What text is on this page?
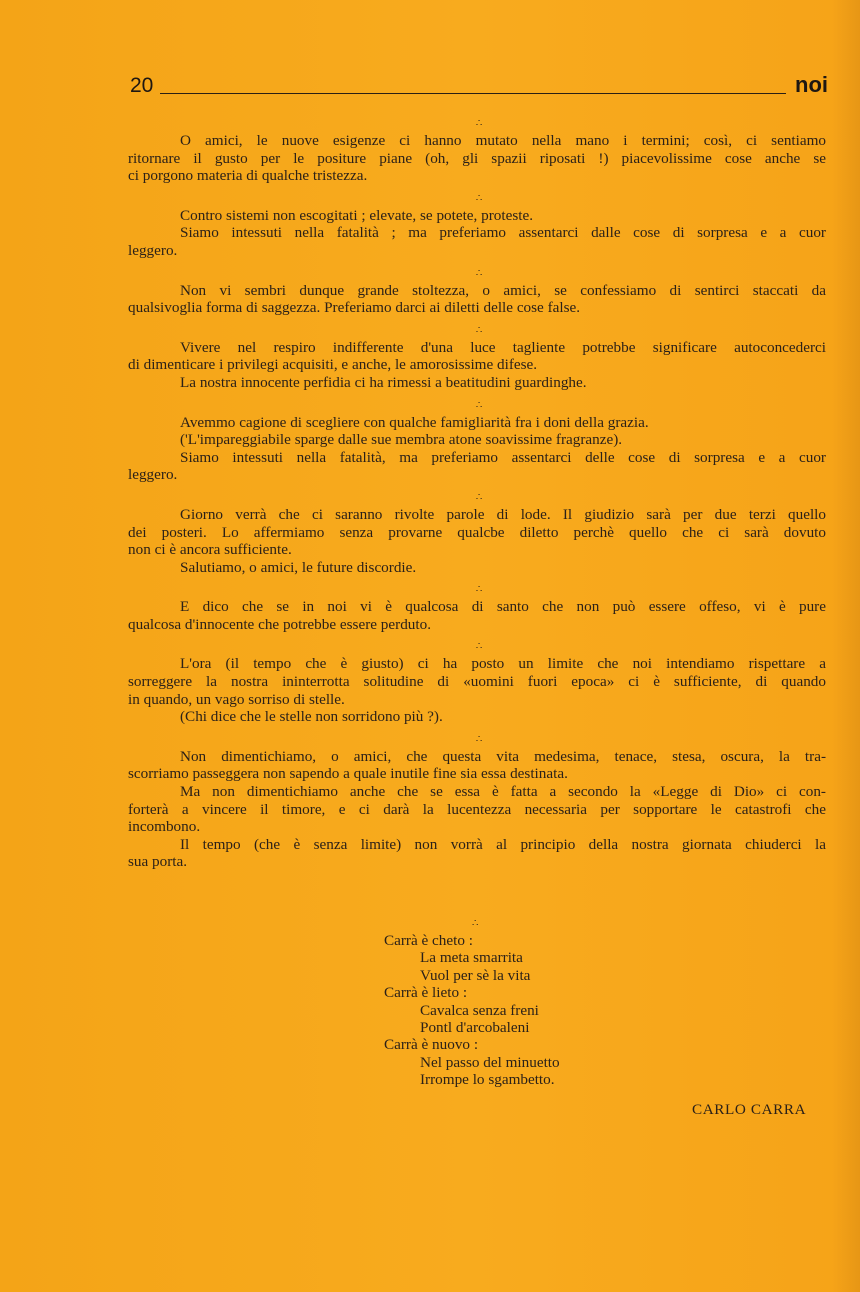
20	noi
∴
O amici, le nuove esigenze ci hanno mutato nella mano i termini; così, ci sentiamo
ritornare il gusto per le positure piane (oh, gli spazii riposati !) piacevolissime cose anche se
ci porgono materia di qualche tristezza.
∴
Contro sistemi non escogitati ; elevate, se potete, proteste.
Siamo intessuti nella fatalità ; ma preferiamo assentarci dalle cose di sorpresa e a cuor
leggero.
∴
Non vi sembri dunque grande stoltezza, o amici, se confessiamo di sentirci staccati da
qualsivoglia forma di saggezza. Preferiamo darci ai diletti delle cose false.
∴
Vivere nel respiro indifferente d'una luce tagliente potrebbe significare autoconcederci
di dimenticare i privilegi acquisiti, e anche, le amorosissime difese.
La nostra innocente perfidia ci ha rimessi a beatitudini guardinghe.
∴
Avemmo cagione di scegliere con qualche famigliarità fra i doni della grazia.
('L'impareggiabile sparge dalle sue membra atone soavissime fragranze).
Siamo intessuti nella fatalità, ma preferiamo assentarci delle cose di sorpresa e a cuor
leggero.
∴
Giorno verrà che ci saranno rivolte parole di lode. Il giudizio sarà per due terzi quello
dei posteri. Lo affermiamo senza provarne qualcbe diletto perchè quello che ci sarà dovuto
non ci è ancora sufficiente.
Salutiamo, o amici, le future discordie.
∴
E dico che se in noi vi è qualcosa di santo che non può essere offeso, vi è pure
qualcosa d'innocente che potrebbe essere perduto.
∴
L'ora (il tempo che è giusto) ci ha posto un limite che noi intendiamo rispettare a
sorreggere la nostra ininterrotta solitudine di «uomini fuori epoca» ci è sufficiente, di quando
in quando, un vago sorriso di stelle.
(Chi dice che le stelle non sorridono più ?).
∴
Non dimentichiamo, o amici, che questa vita medesima, tenace, stesa, oscura, la tra-
scorriamo passeggera non sapendo a quale inutile fine sia essa destinata.
Ma non dimentichiamo anche che se essa è fatta a secondo la «Legge di Dio» ci con-
forterà a vincere il timore, e ci darà la lucentezza necessaria per sopportare le catastrofi che
incombono.
Il tempo (che è senza limite) non vorrà al principio della nostra giornata chiuderci la
sua porta.
∴
Carrà è cheto :
La meta smarrita
Vuol per sè la vita
Carrà è lieto :
Cavalca senza freni
Pontl d'arcobaleni
Carrà è nuovo :
Nel passo del minuetto
Irrompe lo sgambetto.
CARLO CARRA
